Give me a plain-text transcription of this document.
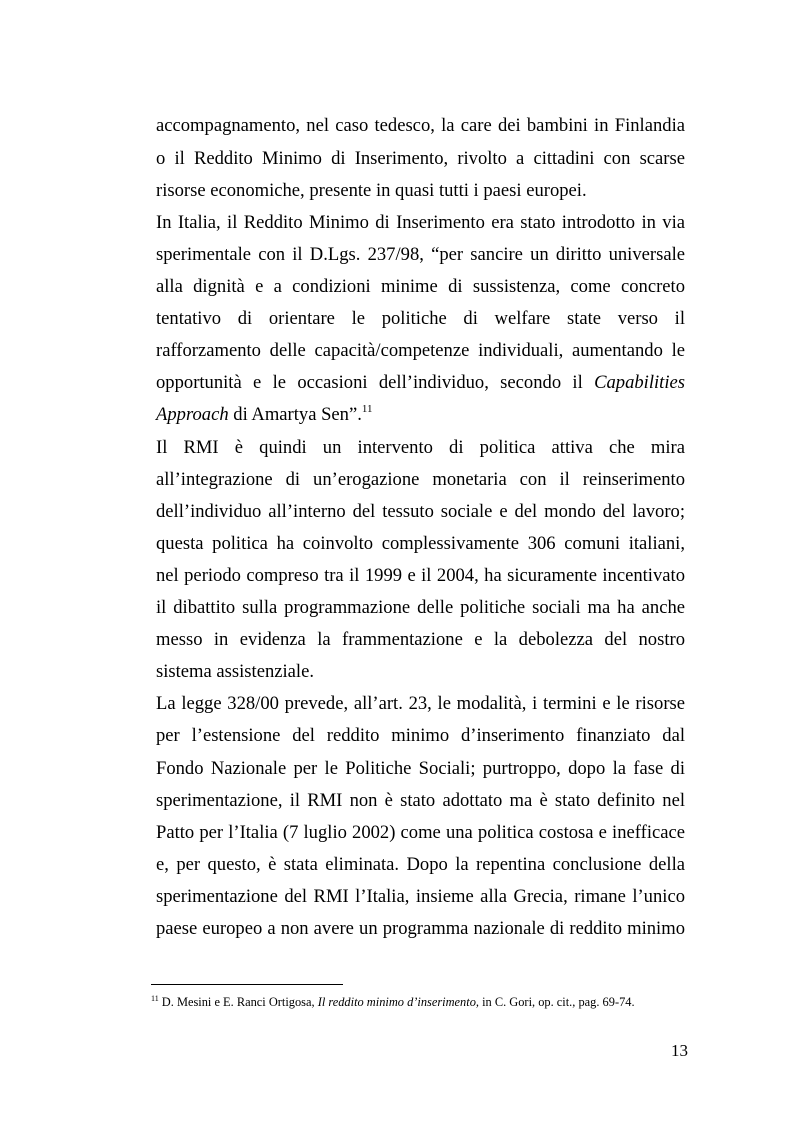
accompagnamento, nel caso tedesco, la care dei bambini in Finlandia
o il Reddito Minimo di Inserimento, rivolto a cittadini con scarse
risorse economiche, presente in quasi tutti i paesi europei.
In Italia, il Reddito Minimo di Inserimento era stato introdotto in via
sperimentale con il D.Lgs. 237/98, “per sancire un diritto universale
alla dignità e a condizioni minime di sussistenza, come concreto
tentativo di orientare le politiche di welfare state verso il
rafforzamento delle capacità/competenze individuali, aumentando le
opportunità e le occasioni dell’individuo, secondo il Capabilities
Approach di Amartya Sen”.$^{11}$
Il RMI è quindi un intervento di politica attiva che mira
all’integrazione di un’erogazione monetaria con il reinserimento
dell’individuo all’interno del tessuto sociale e del mondo del lavoro;
questa politica ha coinvolto complessivamente 306 comuni italiani,
nel periodo compreso tra il 1999 e il 2004, ha sicuramente incentivato
il dibattito sulla programmazione delle politiche sociali ma ha anche
messo in evidenza la frammentazione e la debolezza del nostro
sistema assistenziale.
La legge 328/00 prevede, all’art. 23, le modalità, i termini e le risorse
per l’estensione del reddito minimo d’inserimento finanziato dal
Fondo Nazionale per le Politiche Sociali; purtroppo, dopo la fase di
sperimentazione, il RMI non è stato adottato ma è stato definito nel
Patto per l’Italia (7 luglio 2002) come una politica costosa e inefficace
e, per questo, è stata eliminata. Dopo la repentina conclusione della
sperimentazione del RMI l’Italia, insieme alla Grecia, rimane l’unico
paese europeo a non avere un programma nazionale di reddito minimo
$^{11}$ D. Mesini e E. Ranci Ortigosa, Il reddito minimo d’inserimento, in C. Gori, op. cit., pag. 69-74.
13
